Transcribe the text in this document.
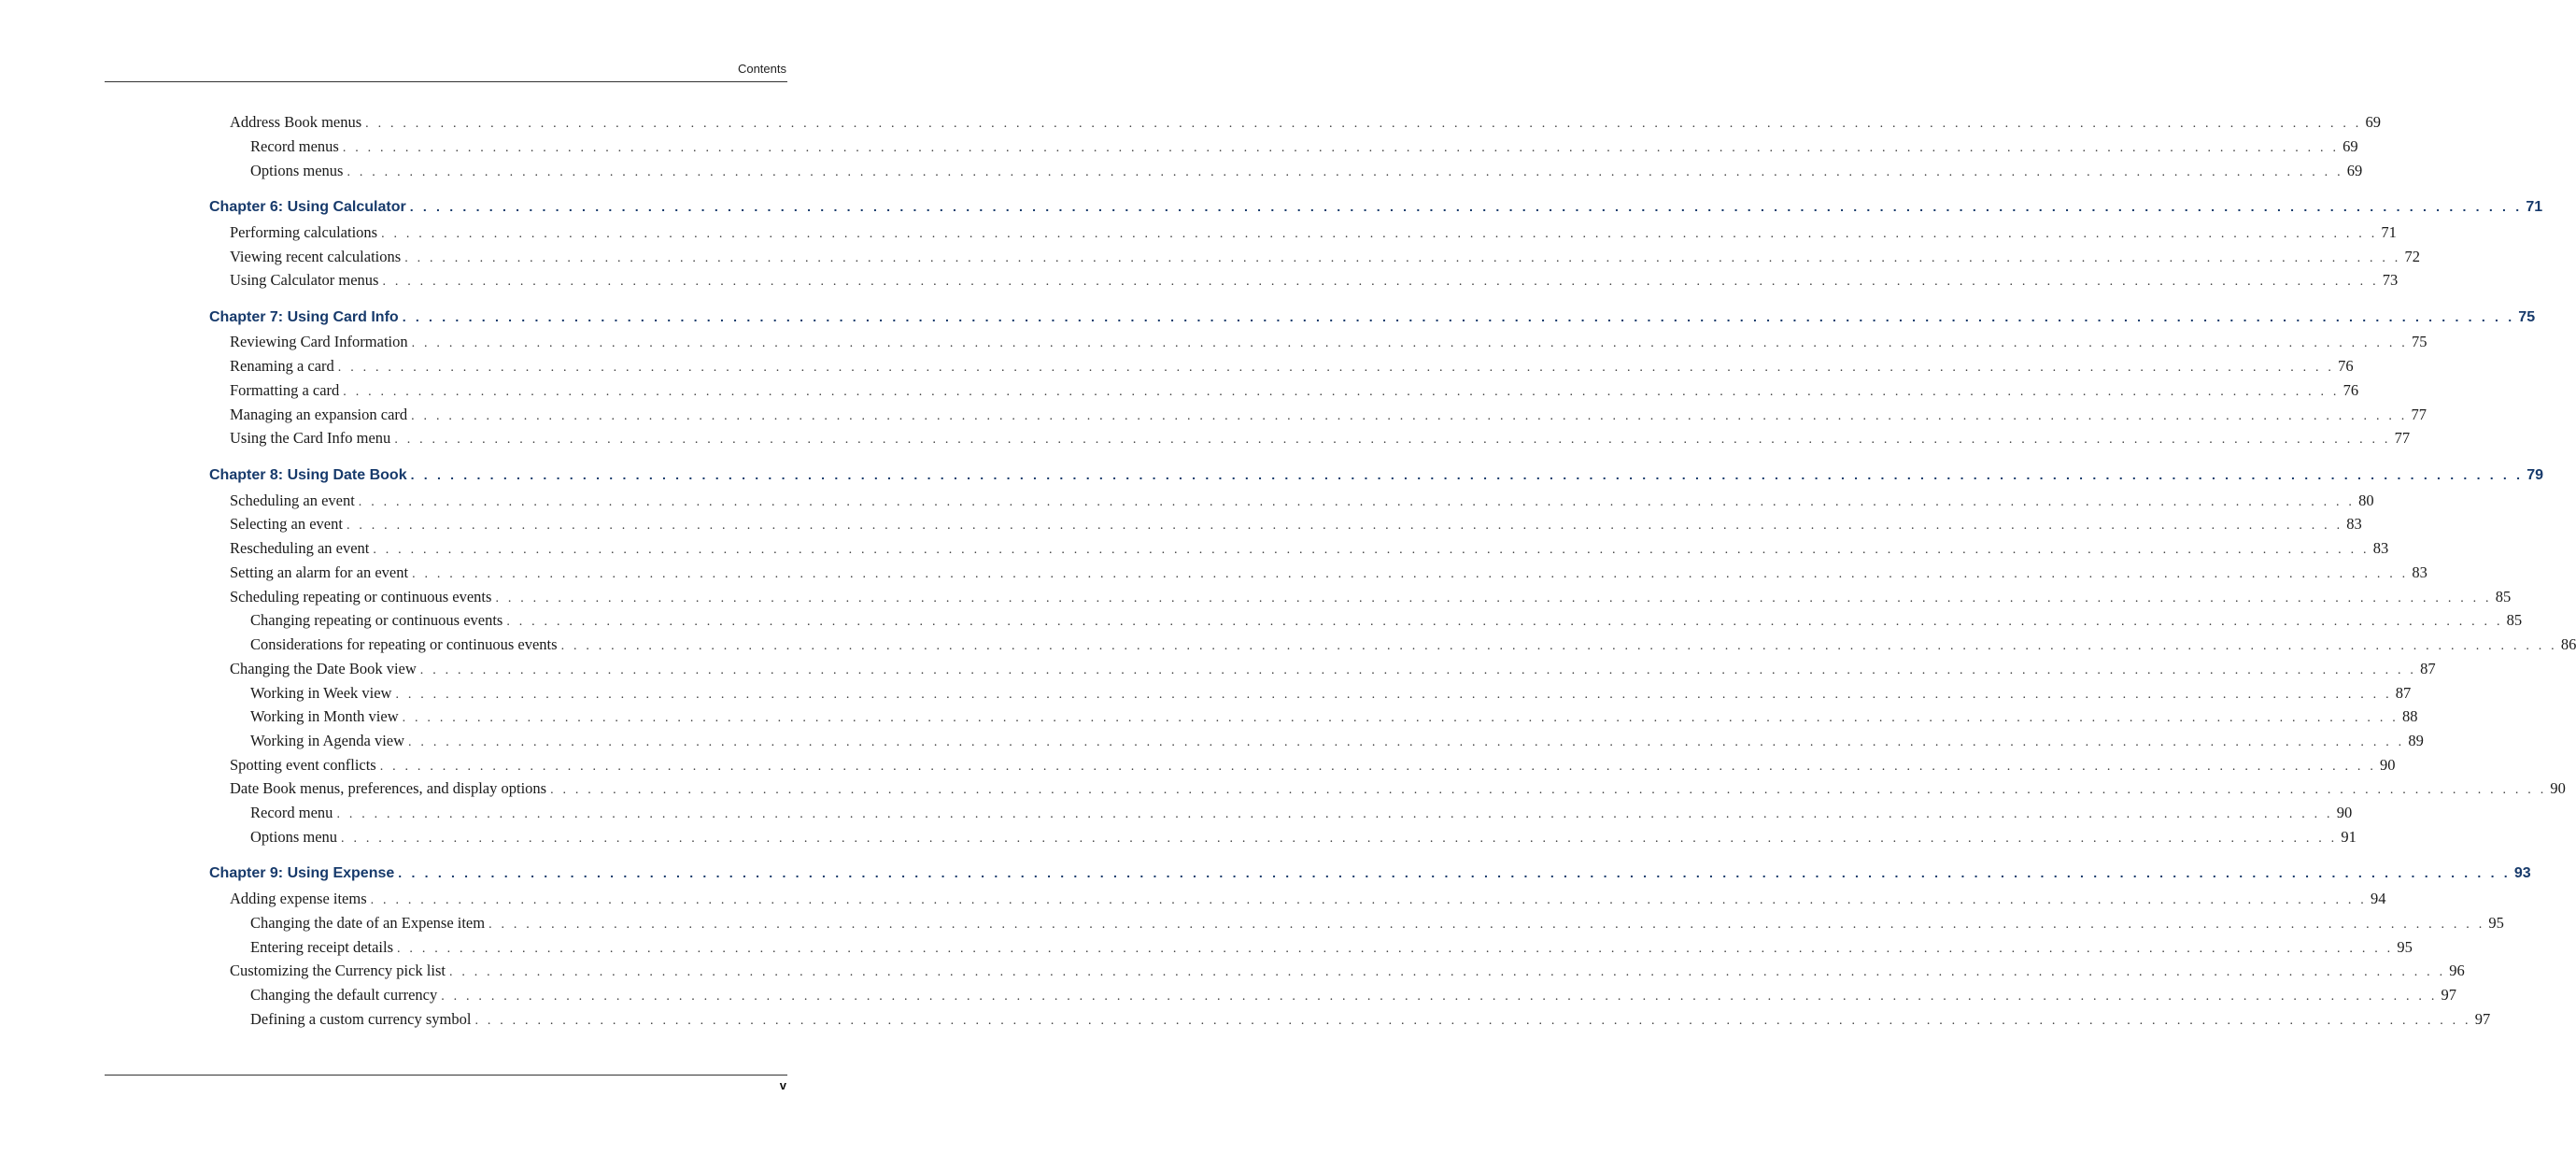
Contents
Address Book menus . . . . . . . . . . . . . . . . . . . . . . . . . . . . . . . . . . . . . . . . . . . . . . . . . . . . . . . . . . . . . . . . . . . . . . . . . . . . . . . . . . . . . . . . . . . . . . . . . . . . . . . . . . . . . . . . . . . . . . . . . . . . . . . . . . . . . . . . . . . . . . . . . . . . . . . . . . . . . . . . 69
Record menus . . . . . . . . . . . . . . . . . . . . . . . . . . . . . . . . . . . . . . . . . . . . . . . . . . . . . . . . . . . . . . . . . . . . . . . . . . . . . . . . . . . . . . . . . . . . . . . . . . . . . . . . . . . . . . . . . . . . . . . . . . . . . . . . . . . . . . . . . . . . . . . . . . . . . . . . . . . . . . . . 69
Options menus . . . . . . . . . . . . . . . . . . . . . . . . . . . . . . . . . . . . . . . . . . . . . . . . . . . . . . . . . . . . . . . . . . . . . . . . . . . . . . . . . . . . . . . . . . . . . . . . . . . . . . . . . . . . . . . . . . . . . . . . . . . . . . . . . . . . . . . . . . . . . . . . . . . . . . . . . . . . . . . . 69
Chapter 6: Using Calculator . . . . . . . . . . . . . . . . . . . . . . . . . . . . . . . . . . . . . . . . . . . . . . . . . . . . . . . . . . . . . . . . . . . . . . . . . . . . . . . . . . . . . . . . . . . . . . . . . . . . . . . . . . . . . . . . . . . . . . . . . . . . . . . . . . . . . . . . . . . . . . . . . . . . . . . . . . . . . . . . 71
Performing calculations . . . . . . . . . . . . . . . . . . . . . . . . . . . . . . . . . . . . . . . . . . . . . . . . . . . . . . . . . . . . . . . . . . . . . . . . . . . . . . . . . . . . . . . . . . . . . . . . . . . . . . . . . . . . . . . . . . . . . . . . . . . . . . . . . . . . . . . . . . . . . . . . . . . . . . . . . . . . . . . . 71
Viewing recent calculations . . . . . . . . . . . . . . . . . . . . . . . . . . . . . . . . . . . . . . . . . . . . . . . . . . . . . . . . . . . . . . . . . . . . . . . . . . . . . . . . . . . . . . . . . . . . . . . . . . . . . . . . . . . . . . . . . . . . . . . . . . . . . . . . . . . . . . . . . . . . . . . . . . . . . . . . . . . . . . . . 72
Using Calculator menus . . . . . . . . . . . . . . . . . . . . . . . . . . . . . . . . . . . . . . . . . . . . . . . . . . . . . . . . . . . . . . . . . . . . . . . . . . . . . . . . . . . . . . . . . . . . . . . . . . . . . . . . . . . . . . . . . . . . . . . . . . . . . . . . . . . . . . . . . . . . . . . . . . . . . . . . . . . . . . . . 73
Chapter 7: Using Card Info . . . . . . . . . . . . . . . . . . . . . . . . . . . . . . . . . . . . . . . . . . . . . . . . . . . . . . . . . . . . . . . . . . . . . . . . . . . . . . . . . . . . . . . . . . . . . . . . . . . . . . . . . . . . . . . . . . . . . . . . . . . . . . . . . . . . . . . . . . . . . . . . . . . . . . . . . . . . . . . . 75
Reviewing Card Information . . . . . . . . . . . . . . . . . . . . . . . . . . . . . . . . . . . . . . . . . . . . . . . . . . . . . . . . . . . . . . . . . . . . . . . . . . . . . . . . . . . . . . . . . . . . . . . . . . . . . . . . . . . . . . . . . . . . . . . . . . . . . . . . . . . . . . . . . . . . . . . . . . . . . . . . . . . . . . . . 75
Renaming a card . . . . . . . . . . . . . . . . . . . . . . . . . . . . . . . . . . . . . . . . . . . . . . . . . . . . . . . . . . . . . . . . . . . . . . . . . . . . . . . . . . . . . . . . . . . . . . . . . . . . . . . . . . . . . . . . . . . . . . . . . . . . . . . . . . . . . . . . . . . . . . . . . . . . . . . . . . . . . . . . 76
Formatting a card . . . . . . . . . . . . . . . . . . . . . . . . . . . . . . . . . . . . . . . . . . . . . . . . . . . . . . . . . . . . . . . . . . . . . . . . . . . . . . . . . . . . . . . . . . . . . . . . . . . . . . . . . . . . . . . . . . . . . . . . . . . . . . . . . . . . . . . . . . . . . . . . . . . . . . . . . . . . . . . . 76
Managing an expansion card . . . . . . . . . . . . . . . . . . . . . . . . . . . . . . . . . . . . . . . . . . . . . . . . . . . . . . . . . . . . . . . . . . . . . . . . . . . . . . . . . . . . . . . . . . . . . . . . . . . . . . . . . . . . . . . . . . . . . . . . . . . . . . . . . . . . . . . . . . . . . . . . . . . . . . . . . . . . . . . . 77
Using the Card Info menu . . . . . . . . . . . . . . . . . . . . . . . . . . . . . . . . . . . . . . . . . . . . . . . . . . . . . . . . . . . . . . . . . . . . . . . . . . . . . . . . . . . . . . . . . . . . . . . . . . . . . . . . . . . . . . . . . . . . . . . . . . . . . . . . . . . . . . . . . . . . . . . . . . . . . . . . . . . . . . . . 77
Chapter 8: Using Date Book . . . . . . . . . . . . . . . . . . . . . . . . . . . . . . . . . . . . . . . . . . . . . . . . . . . . . . . . . . . . . . . . . . . . . . . . . . . . . . . . . . . . . . . . . . . . . . . . . . . . . . . . . . . . . . . . . . . . . . . . . . . . . . . . . . . . . . . . . . . . . . . . . . . . . . . . . . . . . . . . 79
Scheduling an event . . . . . . . . . . . . . . . . . . . . . . . . . . . . . . . . . . . . . . . . . . . . . . . . . . . . . . . . . . . . . . . . . . . . . . . . . . . . . . . . . . . . . . . . . . . . . . . . . . . . . . . . . . . . . . . . . . . . . . . . . . . . . . . . . . . . . . . . . . . . . . . . . . . . . . . . . . . . . . . . 80
Selecting an event . . . . . . . . . . . . . . . . . . . . . . . . . . . . . . . . . . . . . . . . . . . . . . . . . . . . . . . . . . . . . . . . . . . . . . . . . . . . . . . . . . . . . . . . . . . . . . . . . . . . . . . . . . . . . . . . . . . . . . . . . . . . . . . . . . . . . . . . . . . . . . . . . . . . . . . . . . . . . . . . 83
Rescheduling an event . . . . . . . . . . . . . . . . . . . . . . . . . . . . . . . . . . . . . . . . . . . . . . . . . . . . . . . . . . . . . . . . . . . . . . . . . . . . . . . . . . . . . . . . . . . . . . . . . . . . . . . . . . . . . . . . . . . . . . . . . . . . . . . . . . . . . . . . . . . . . . . . . . . . . . . . . . . . . . . . 83
Setting an alarm for an event . . . . . . . . . . . . . . . . . . . . . . . . . . . . . . . . . . . . . . . . . . . . . . . . . . . . . . . . . . . . . . . . . . . . . . . . . . . . . . . . . . . . . . . . . . . . . . . . . . . . . . . . . . . . . . . . . . . . . . . . . . . . . . . . . . . . . . . . . . . . . . . . . . . . . . . . . . . . . . . . 83
Scheduling repeating or continuous events . . . . . . . . . . . . . . . . . . . . . . . . . . . . . . . . . . . . . . . . . . . . . . . . . . . . . . . . . . . . . . . . . . . . . . . . . . . . . . . . . . . . . . . . . . . . . . . . . . . . . . . . . . . . . . . . . . . . . . . . . . . . . . . . . . . . . . . . . . . . . . . . . . . . . . . . . . . . . . . . 85
Changing repeating or continuous events . . . . . . . . . . . . . . . . . . . . . . . . . . . . . . . . . . . . . . . . . . . . . . . . . . . . . . . . . . . . . . . . . . . . . . . . . . . . . . . . . . . . . . . . . . . . . . . . . . . . . . . . . . . . . . . . . . . . . . . . . . . . . . . . . . . . . . . . . . . . . . . . . . . . . . . . . . . . . . . . 85
Considerations for repeating or continuous events . . . . . . . . . . . . . . . . . . . . . . . . . . . . . . . . . . . . . . . . . . . . . . . . . . . . . . . . . . . . . . . . . . . . . . . . . . . . . . . . . . . . . . . . . . . . . . . . . . . . . . . . . . . . . . . . . . . . . . . . . . . . . . . . . . . . . . . . . . . . . . . . . . . . . . . . . . . . . . . . 86
Changing the Date Book view . . . . . . . . . . . . . . . . . . . . . . . . . . . . . . . . . . . . . . . . . . . . . . . . . . . . . . . . . . . . . . . . . . . . . . . . . . . . . . . . . . . . . . . . . . . . . . . . . . . . . . . . . . . . . . . . . . . . . . . . . . . . . . . . . . . . . . . . . . . . . . . . . . . . . . . . . . . . . . . . 87
Working in Week view . . . . . . . . . . . . . . . . . . . . . . . . . . . . . . . . . . . . . . . . . . . . . . . . . . . . . . . . . . . . . . . . . . . . . . . . . . . . . . . . . . . . . . . . . . . . . . . . . . . . . . . . . . . . . . . . . . . . . . . . . . . . . . . . . . . . . . . . . . . . . . . . . . . . . . . . . . . . . . . . 87
Working in Month view . . . . . . . . . . . . . . . . . . . . . . . . . . . . . . . . . . . . . . . . . . . . . . . . . . . . . . . . . . . . . . . . . . . . . . . . . . . . . . . . . . . . . . . . . . . . . . . . . . . . . . . . . . . . . . . . . . . . . . . . . . . . . . . . . . . . . . . . . . . . . . . . . . . . . . . . . . . . . . . . 88
Working in Agenda view . . . . . . . . . . . . . . . . . . . . . . . . . . . . . . . . . . . . . . . . . . . . . . . . . . . . . . . . . . . . . . . . . . . . . . . . . . . . . . . . . . . . . . . . . . . . . . . . . . . . . . . . . . . . . . . . . . . . . . . . . . . . . . . . . . . . . . . . . . . . . . . . . . . . . . . . . . . . . . . . 89
Spotting event conflicts . . . . . . . . . . . . . . . . . . . . . . . . . . . . . . . . . . . . . . . . . . . . . . . . . . . . . . . . . . . . . . . . . . . . . . . . . . . . . . . . . . . . . . . . . . . . . . . . . . . . . . . . . . . . . . . . . . . . . . . . . . . . . . . . . . . . . . . . . . . . . . . . . . . . . . . . . . . . . . . . 90
Date Book menus, preferences, and display options . . . . . . . . . . . . . . . . . . . . . . . . . . . . . . . . . . . . . . . . . . . . . . . . . . . . . . . . . . . . . . . . . . . . . . . . . . . . . . . . . . . . . . . . . . . . . . . . . . . . . . . . . . . . . . . . . . . . . . . . . . . . . . . . . . . . . . . . . . . . . . . . . . . . . . . . . . . . . . . . 90
Record menu . . . . . . . . . . . . . . . . . . . . . . . . . . . . . . . . . . . . . . . . . . . . . . . . . . . . . . . . . . . . . . . . . . . . . . . . . . . . . . . . . . . . . . . . . . . . . . . . . . . . . . . . . . . . . . . . . . . . . . . . . . . . . . . . . . . . . . . . . . . . . . . . . . . . . . . . . . . . . . . . 90
Options menu . . . . . . . . . . . . . . . . . . . . . . . . . . . . . . . . . . . . . . . . . . . . . . . . . . . . . . . . . . . . . . . . . . . . . . . . . . . . . . . . . . . . . . . . . . . . . . . . . . . . . . . . . . . . . . . . . . . . . . . . . . . . . . . . . . . . . . . . . . . . . . . . . . . . . . . . . . . . . . . . 91
Chapter 9: Using Expense . . . . . . . . . . . . . . . . . . . . . . . . . . . . . . . . . . . . . . . . . . . . . . . . . . . . . . . . . . . . . . . . . . . . . . . . . . . . . . . . . . . . . . . . . . . . . . . . . . . . . . . . . . . . . . . . . . . . . . . . . . . . . . . . . . . . . . . . . . . . . . . . . . . . . . . . . . . . . . . . 93
Adding expense items . . . . . . . . . . . . . . . . . . . . . . . . . . . . . . . . . . . . . . . . . . . . . . . . . . . . . . . . . . . . . . . . . . . . . . . . . . . . . . . . . . . . . . . . . . . . . . . . . . . . . . . . . . . . . . . . . . . . . . . . . . . . . . . . . . . . . . . . . . . . . . . . . . . . . . . . . . . . . . . . 94
Changing the date of an Expense item . . . . . . . . . . . . . . . . . . . . . . . . . . . . . . . . . . . . . . . . . . . . . . . . . . . . . . . . . . . . . . . . . . . . . . . . . . . . . . . . . . . . . . . . . . . . . . . . . . . . . . . . . . . . . . . . . . . . . . . . . . . . . . . . . . . . . . . . . . . . . . . . . . . . . . . . . . . . . . . . 95
Entering receipt details . . . . . . . . . . . . . . . . . . . . . . . . . . . . . . . . . . . . . . . . . . . . . . . . . . . . . . . . . . . . . . . . . . . . . . . . . . . . . . . . . . . . . . . . . . . . . . . . . . . . . . . . . . . . . . . . . . . . . . . . . . . . . . . . . . . . . . . . . . . . . . . . . . . . . . . . . . . . . . . . 95
Customizing the Currency pick list . . . . . . . . . . . . . . . . . . . . . . . . . . . . . . . . . . . . . . . . . . . . . . . . . . . . . . . . . . . . . . . . . . . . . . . . . . . . . . . . . . . . . . . . . . . . . . . . . . . . . . . . . . . . . . . . . . . . . . . . . . . . . . . . . . . . . . . . . . . . . . . . . . . . . . . . . . . . . . . . 96
Changing the default currency . . . . . . . . . . . . . . . . . . . . . . . . . . . . . . . . . . . . . . . . . . . . . . . . . . . . . . . . . . . . . . . . . . . . . . . . . . . . . . . . . . . . . . . . . . . . . . . . . . . . . . . . . . . . . . . . . . . . . . . . . . . . . . . . . . . . . . . . . . . . . . . . . . . . . . . . . . . . . . . . 97
Defining a custom currency symbol . . . . . . . . . . . . . . . . . . . . . . . . . . . . . . . . . . . . . . . . . . . . . . . . . . . . . . . . . . . . . . . . . . . . . . . . . . . . . . . . . . . . . . . . . . . . . . . . . . . . . . . . . . . . . . . . . . . . . . . . . . . . . . . . . . . . . . . . . . . . . . . . . . . . . . . . . . . . . . . . 97
v
